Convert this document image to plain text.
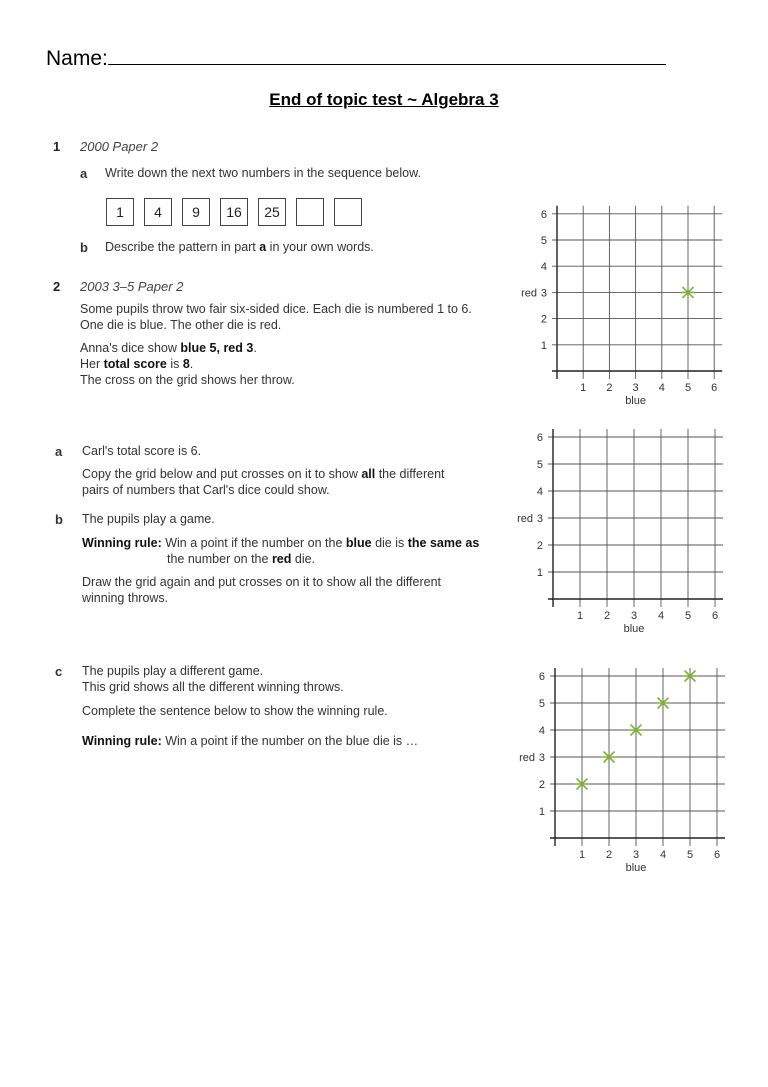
Name:
End of topic test ~ Algebra 3
1 2000 Paper 2
a Write down the next two numbers in the sequence below.
1 4 9 16 25
b Describe the pattern in part a in your own words.
2 2003 3–5 Paper 2
Some pupils throw two fair six-sided dice. Each die is numbered 1 to 6.
One die is blue. The other die is red.
Anna's dice show blue 5, red 3.
Her total score is 8.
The cross on the grid shows her throw.
a Carl's total score is 6.
Copy the grid below and put crosses on it to show all the different
pairs of numbers that Carl's dice could show.
b The pupils play a game.
Winning rule: Win a point if the number on the blue die is the same as
the number on the red die.
Draw the grid again and put crosses on it to show all the different
winning throws.
c The pupils play a different game.
This grid shows all the different winning throws.
Complete the sentence below to show the winning rule.
Winning rule: Win a point if the number on the blue die is …
1 2 3 4 5 6
1
2
3
4
5
6
blue
red
1 2 3 4 5 6
1
2
3
4
5
6
blue
red
1 2 3 4 5 6
1
2
3
4
5
6
blue
red
